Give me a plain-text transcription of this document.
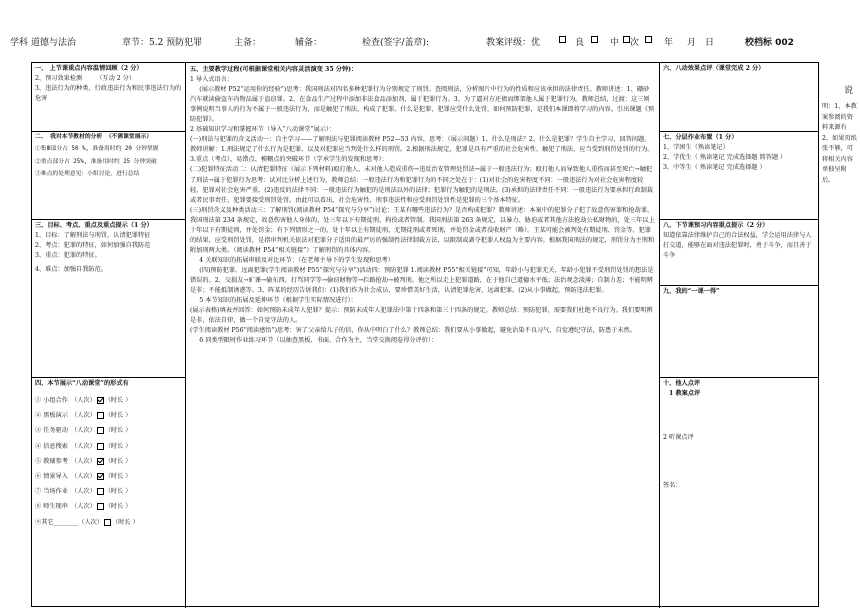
学科 道德与法治	章节：5.2 预防犯罪	主备：	辅备：	检查(签字/盖章):	教案评级：优	良	中 次	年 月 日	校档标 002

一、 上节课重点内容温情回顾（2 分）

2、预习效果检测 （互动 2 分）

3、违法行为的种类，行政违法行为和民事违法行为的危害

二、 我对本节教材的分析 （不需课堂展示）

①集Ⅲ部分占 50 %, 准备用时约 20 分钟掌握

②重点部分占 25%, 准备用时约 25 分钟突破

③难点的处理意见：小组讨论，进行总结

三、目标、考点、重点及重点提示（1 分）

1、目标：了解刑法与刑罚，认清犯罪特征

2、考点：犯罪的特征，如何加强自我防范

3、重点：犯罪的特征。

4、难点：加强自我防范。

四、本节展示“八动课堂”的形式有

① 小组合作　（人次） （时长 ）
② 黑板演示　（人次） （时长 ）
③ 任务驱动　（人次） （时长 ）
④ 信息搜索　（人次） （时长 ）
⑤ 教辅参考　（人次） （时长 ）
⑥ 情景导入　（人次） （时长 ）
⑦ 当场作业　（人次） （时长 ）
⑧ 师生现串　（人次） （时长 ）
⑨其它________（人次） （时长 ）

五、主要教学过程(可根据课堂相关内容灵活演变 35 分钟)：

1 导入式语言：

(展示教材 P52“运用你的经验”)思考：我国刑法对四名多种犯罪行为分别规定了刑罚。查阅刑法，分析图片中行为的性质和应该承担的法律责任。教师讲述：1、硼砂汽车就读偷盗车内物品属于盗窃罪。2、在食品生产过程中添加非法食品添加剂，属于犯罪行为。3、为了逼对方还债而绑架他人属于犯罪行为。教师总结，过渡：这三则事例说明当事人的行为不属于一般违法行为，而是触犯了刑法，构成了犯罪。什么是犯罪，犯罪应受什么处罚，如何预防犯罪，是我们本课即将学习的内容。引出课题《预防犯罪》。

2 基础知识学习和掌握环节（导入“八动课堂”展示）：

(一)刑法与犯罪的含义活动一：自主学习——了解刑法与犯罪阅读教材 P52—53 内容，思考：（展示问题）1、什么是刑法？2、什么是犯罪？学生自主学习，回答问题。教师讲解：1.刑法规定了什么行为是犯罪，以及对犯罪应当判处什么样的刑罚。2.根据刑法规定，犯罪是具有严重的社会危害性、触犯了刑法、应当受到刑罚处罚的行为。

3.重点（考点）、易错点、模糊点的突破环节（学承学生的发现和思考）：

(二)犯罪特征活动二：认清犯罪特征（展示下列材料)殴打他人，未对他人造成重伤→违反治安管理处罚法→属于一般违法行为；殴打他人而导致他人重伤而甚至死亡→触犯了刑法→属于犯罪行为思考：试对比分析上述行为，教师总结：一般违法行为和犯罪行为的不同之处在于：(1)对社会的危害程度不同：一般违法行为对社会危害程度较轻，犯罪对社会危害严重。(2)违反的法律不同：一般违法行为触犯的是刑法以外的法律；犯罪行为触犯的是刑法。(3)承担的法律责任不同：一般违法行为要承担行政制裁或者民事责任，犯罪要接受刑罚处罚。由此可以看出，社会危害性、刑事违法性和应受刑罚处罚性是犯罪的三个基本特征。

(三)刑罚含义及种类活动三：了解刑罚(阅读教材 P54“探究与分享”)讨论：王某有哪些违法行为？是否构成犯罪？教师讲述：本案中的犯罪分子犯了故意伤害罪和抢劫罪。我国刑法第 234 条规定，故意伤害他人身体的，处三年以下有期徒刑、拘役或者管制。我国刑法第 263 条规定，以暴力、胁迫或者其他方法抢劫公私财物的，处三年以上十年以下有期徒刑，并处罚金；有下列情形之一的，处十年以上有期徒刑、无期徒刑或者死刑，并处罚金或者没收财产（略）。王某可能会被判处有期徒刑、罚金等。犯罪的结果，应受刑罚处罚，是指审判机关依法对犯罪分子适用的最严厉的强制性法律制裁方法，以限制或剥夺犯罪人权益为主要内容。根据我国刑法的规定，刑罚分为主刑和附加刑两大类。（阅读教材 P54“相关链接”）了解刑罚的具体内容。

4 关联知识的拓展串联及对比环节：（在老师主导下的学生发现和思考）

(四)预防犯罪、远离犯罪(学生阅读教材 P55“探究与分享”)活动四：预防犯罪 1.阅读教材 P55“相关链接”可知，年龄小与犯罪无关，年龄小犯罪不受刑罚处罚的想法是错误的。2、交损友→旷课→偷东西，打骂同学等→偷窃财物等→拦路抢劫→被判刑。他之所以走上犯罪道路，在于他自己道德水平低；法治观念淡薄；自制力差；不能明辨是非；不能抵制诱惑等。3、阵某的经历告诉我们：(1)我们作为社会成员，要珍惜美好生活，认清犯罪危害，远离犯罪。(2)从小事做起，预防违法犯罪。

5 本节知识的拓展及延伸环节（根据学生实际情况进行）：

(展示表格)填表并回答：如何预防未成年人犯罪？提示：预防未成年人犯罪法中第十四条和第三十四条的规定。教师总结：预防犯罪，需要我们杜绝不良行为。我们要明辨是非，依法自律，做一个自觉守法的人。

(学生阅读教材 P56“阅读感悟”)思考：害了父亲给儿子的信，你从中明白了什么？教师总结：我们要从小事做起，避免沾染不良习气，自觉遵纪守法，防患于未然。

6 同类型限时作业练习环节（以抽查黑板、书面、合作为主，当堂交换阅卷得分评价）：

六、八动效果点评（课堂完成 2 分）

七、分层作业布置（1 分）

1、学困生（熟读笔记）

2、学优生（ 熟读笔记 完成选择题 简答题 ）

3、中等生（ 熟读笔记 完成选择题 ）

八、下节课预习内容重点提示（2 分）

知道依靠法律维护自己的合法权益，学会运用法律与人打交道，能够在面对违法犯罪时，勇于斗争，而且善于斗争

九、我的“一课一得”

十、他人点评

1 教案点评

2 听课点评

签名：

说
明：1、本教案参阅的资料来源有 2、如果页纸张不够，可将相关内容单独呈附后。
